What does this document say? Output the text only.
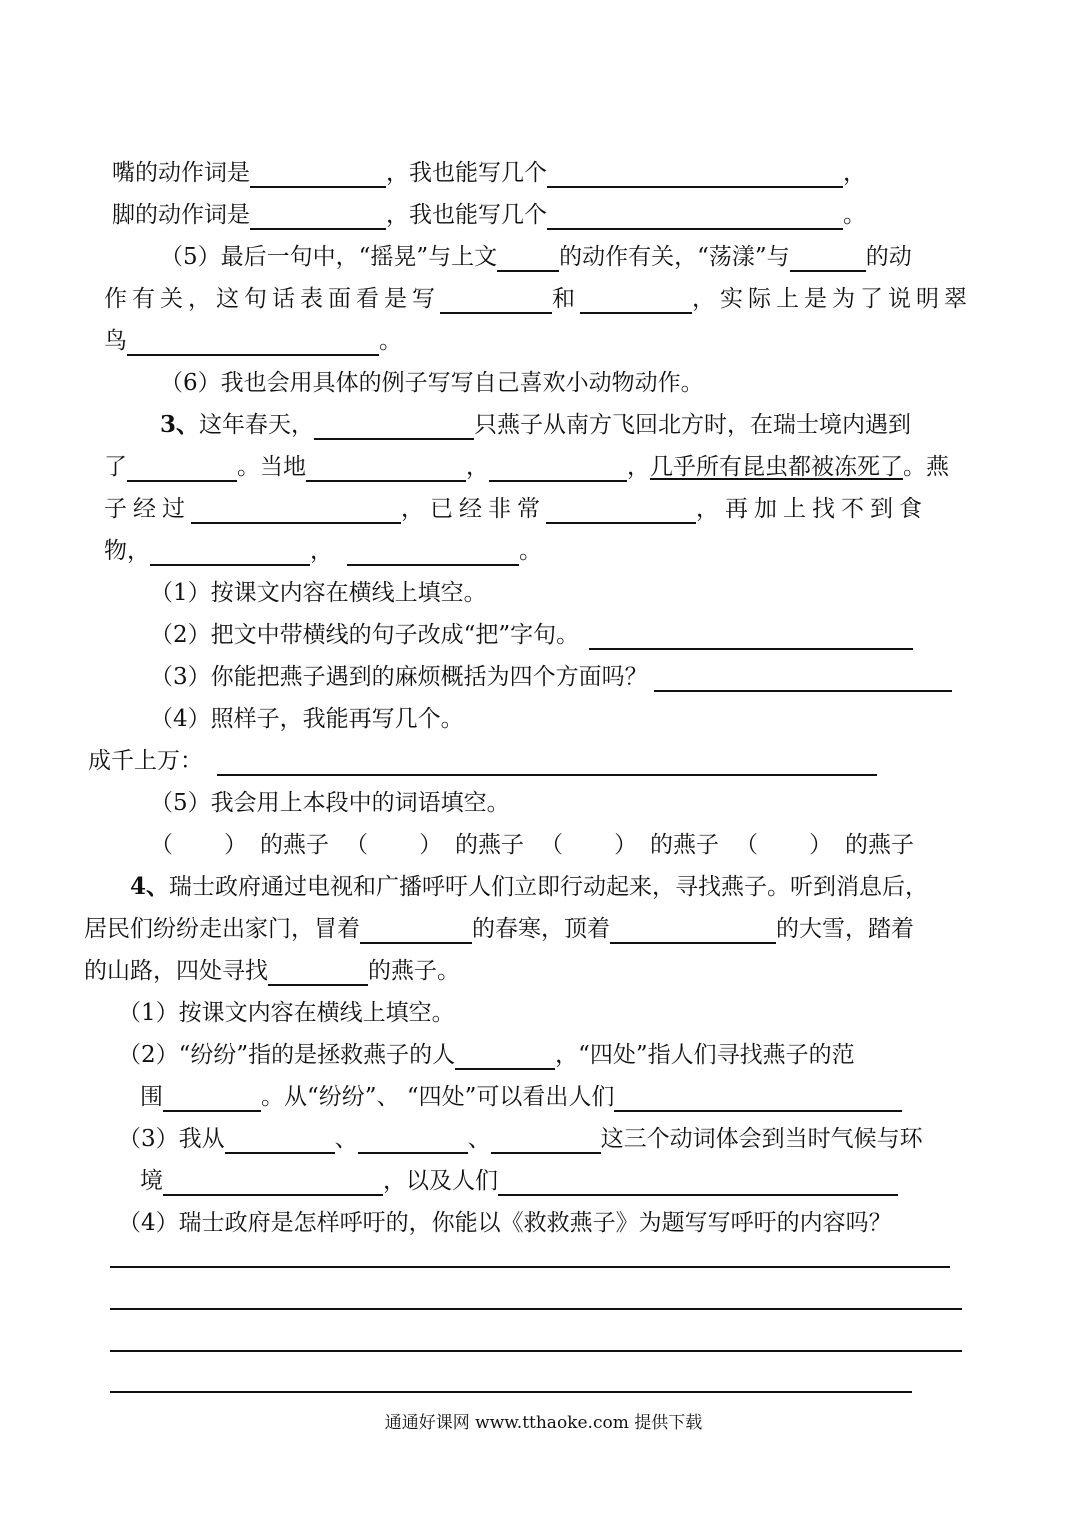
嘴的动作词是	，我也能写几个	，
脚的动作词是	，我也能写几个	。
（5）最后一句中，“摇晃”与上文	的动作有关，“荡漾”与	的动
作有关，这句话表面看是写	和	，实际上是为了说明翠
鸟	。
（6）我也会用具体的例子写写自己喜欢小动物动作。
3、这年春天，	只燕子从南方飞回北方时，在瑞士境内遇到
了	。当地	，	，几乎所有昆虫都被冻死了。燕
子经过	，已经非常	，再加上找不到食
物，	，	。
（1）按课文内容在横线上填空。
（2）把文中带横线的句子改成“把”字句。
（3）你能把燕子遇到的麻烦概括为四个方面吗？
（4）照样子，我能再写几个。
成千上万：
（5）我会用上本段中的词语填空。
（       ） 的燕子 （       ） 的燕子 （       ） 的燕子 （       ） 的燕子
4、瑞士政府通过电视和广播呼吁人们立即行动起来，寻找燕子。听到消息后，
居民们纷纷走出家门，冒着	的春寒，顶着	的大雪，踏着
的山路，四处寻找	的燕子。
（1）按课文内容在横线上填空。
（2）“纷纷”指的是拯救燕子的人	，“四处”指人们寻找燕子的范
围	。从“纷纷”、 “四处”可以看出人们
（3）我从	、	、	这三个动词体会到当时气候与环
境	，以及人们
（4）瑞士政府是怎样呼吁的，你能以《救救燕子》为题写写呼吁的内容吗？
通通好课网 www.tthaoke.com 提供下载
